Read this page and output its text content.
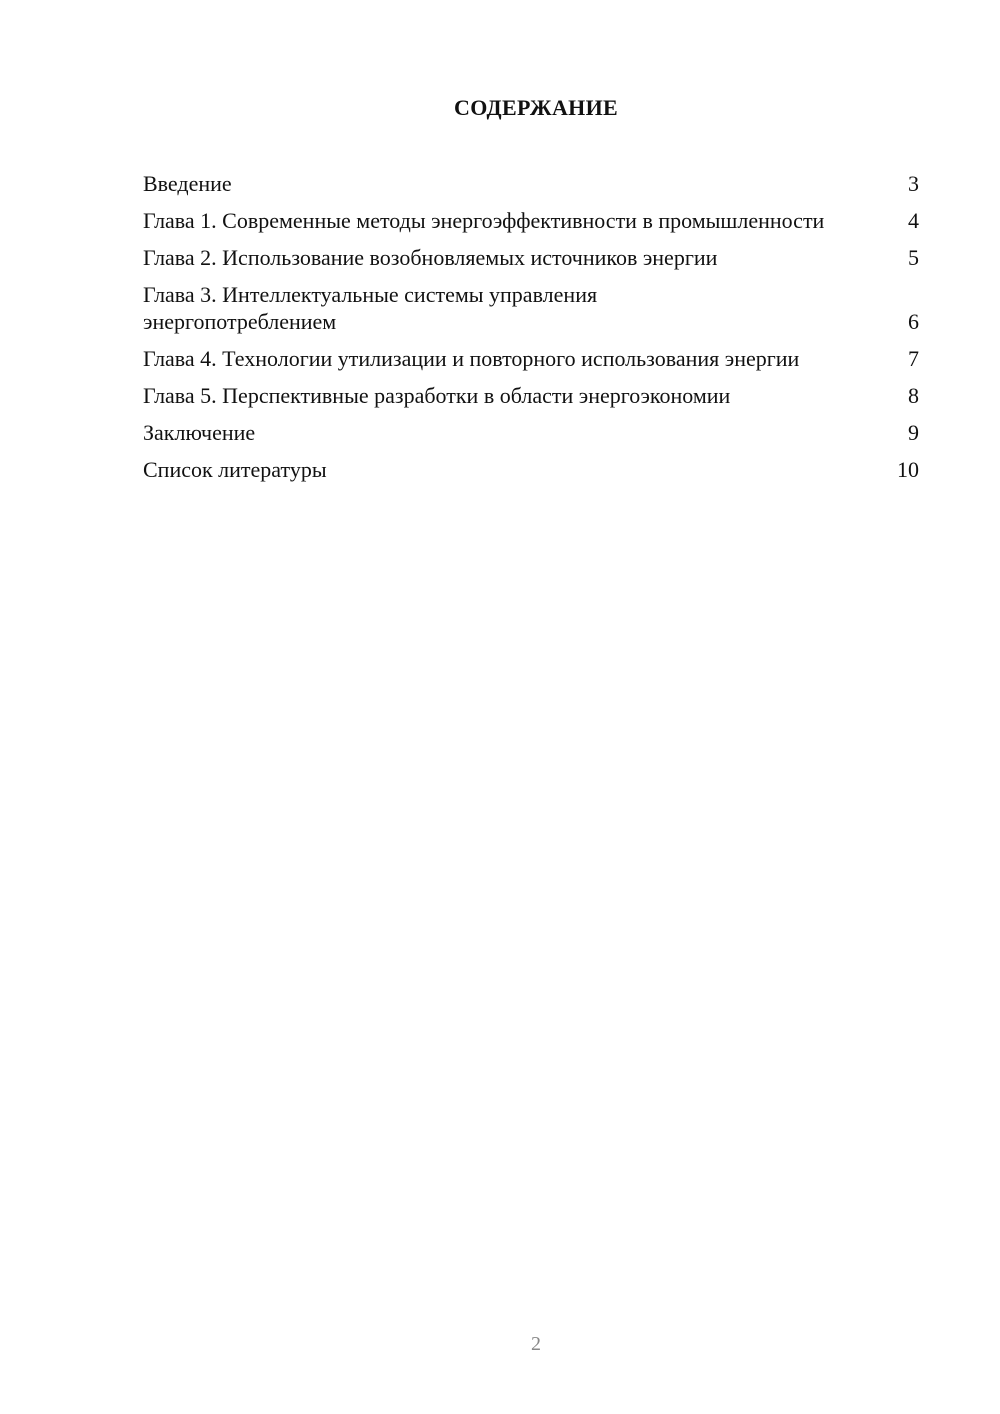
СОДЕРЖАНИЕ
Введение	3
Глава 1. Современные методы энергоэффективности в промышленности	4
Глава 2. Использование возобновляемых источников энергии	5
Глава 3. Интеллектуальные системы управления энергопотреблением	6
Глава 4. Технологии утилизации и повторного использования энергии	7
Глава 5. Перспективные разработки в области энергоэкономии	8
Заключение	9
Список литературы	10
2
